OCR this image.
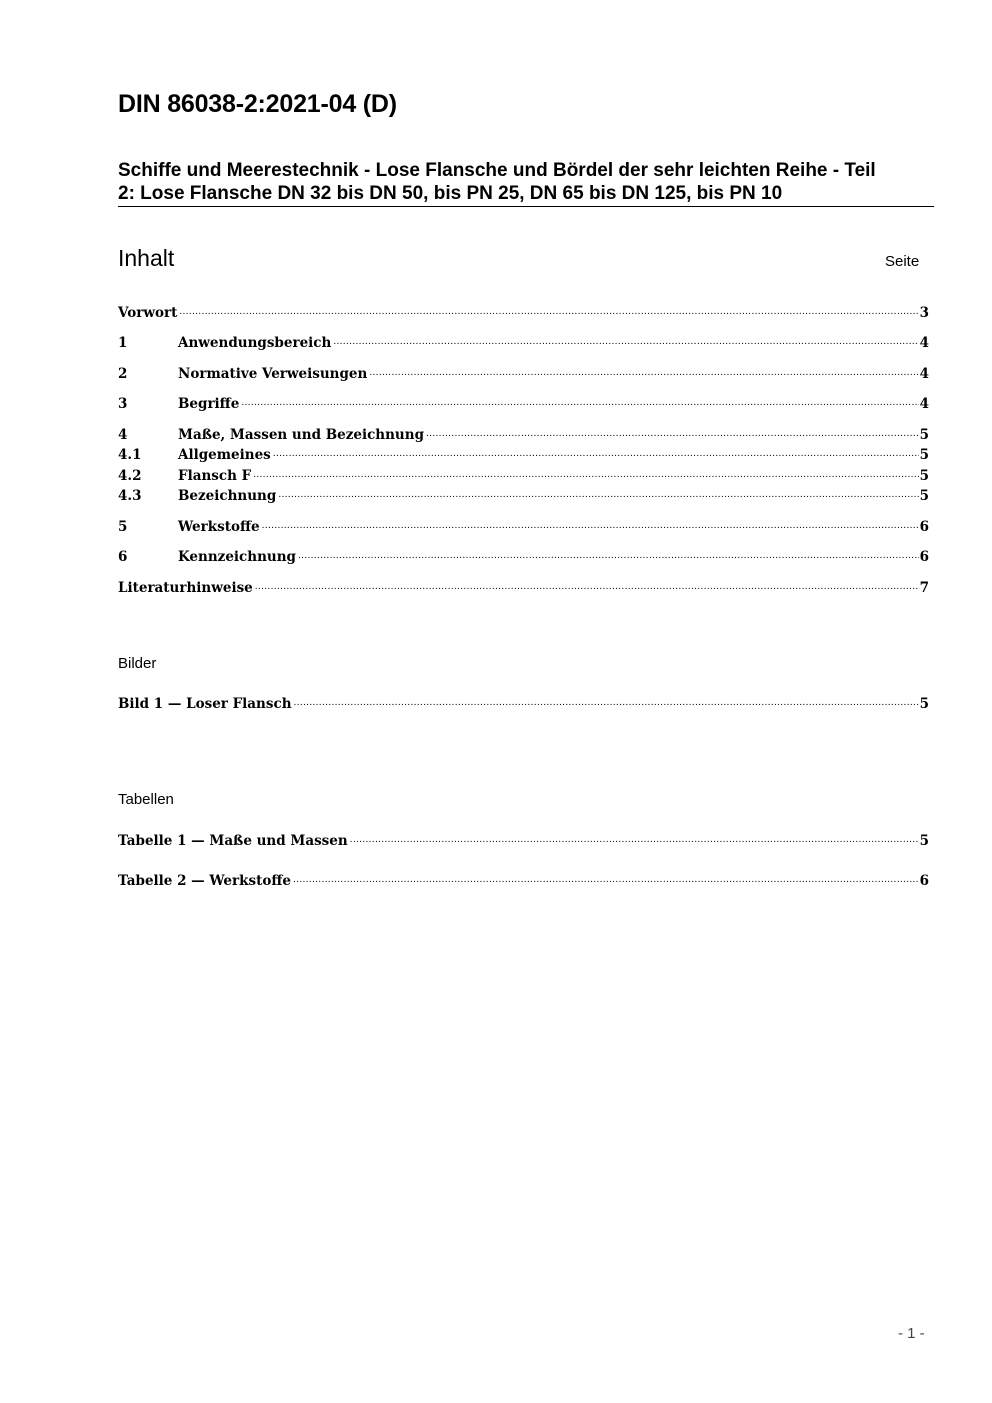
DIN 86038-2:2021-04 (D)
Schiffe und Meerestechnik - Lose Flansche und Bördel der sehr leichten Reihe - Teil
2: Lose Flansche DN 32 bis DN 50, bis PN 25, DN 65 bis DN 125, bis PN 10
Inhalt	Seite
Vorwort .....	3
1	Anwendungsbereich .....	4
2	Normative Verweisungen .....	4
3	Begriffe .....	4
4	Maße, Massen und Bezeichnung .....	5
4.1	Allgemeines .....	5
4.2	Flansch F .....	5
4.3	Bezeichnung .....	5
5	Werkstoffe .....	6
6	Kennzeichnung .....	6
Literaturhinweise .....	7
Bilder
Bild 1 — Loser Flansch .....	5
Tabellen
Tabelle 1 — Maße und Massen .....	5
Tabelle 2 — Werkstoffe .....	6
- 1 -
